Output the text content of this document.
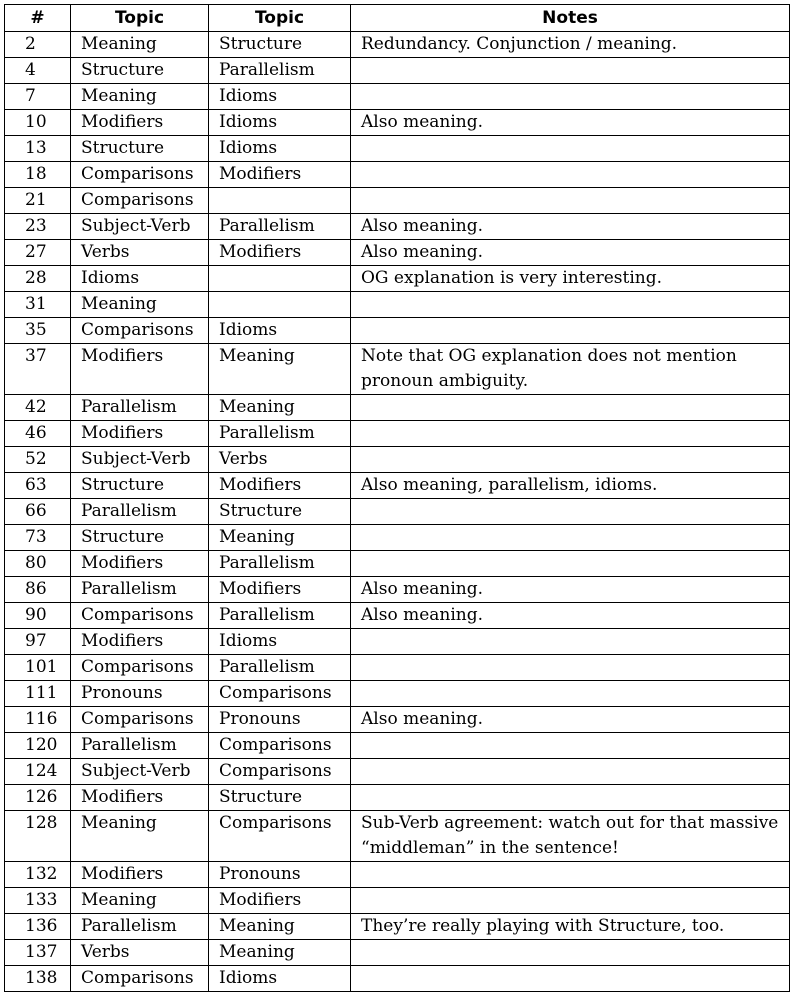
#	Topic	Topic	Notes
2	Meaning	Structure	Redundancy. Conjunction / meaning.
4	Structure	Parallelism	
7	Meaning	Idioms	
10	Modifiers	Idioms	Also meaning.
13	Structure	Idioms	
18	Comparisons	Modifiers	
21	Comparisons		
23	Subject-Verb	Parallelism	Also meaning.
27	Verbs	Modifiers	Also meaning.
28	Idioms		OG explanation is very interesting.
31	Meaning		
35	Comparisons	Idioms	
37	Modifiers	Meaning	Note that OG explanation does not mention pronoun ambiguity.
42	Parallelism	Meaning	
46	Modifiers	Parallelism	
52	Subject-Verb	Verbs	
63	Structure	Modifiers	Also meaning, parallelism, idioms.
66	Parallelism	Structure	
73	Structure	Meaning	
80	Modifiers	Parallelism	
86	Parallelism	Modifiers	Also meaning.
90	Comparisons	Parallelism	Also meaning.
97	Modifiers	Idioms	
101	Comparisons	Parallelism	
111	Pronouns	Comparisons	
116	Comparisons	Pronouns	Also meaning.
120	Parallelism	Comparisons	
124	Subject-Verb	Comparisons	
126	Modifiers	Structure	
128	Meaning	Comparisons	Sub-Verb agreement: watch out for that massive “middleman” in the sentence!
132	Modifiers	Pronouns	
133	Meaning	Modifiers	
136	Parallelism	Meaning	They’re really playing with Structure, too.
137	Verbs	Meaning	
138	Comparisons	Idioms	
